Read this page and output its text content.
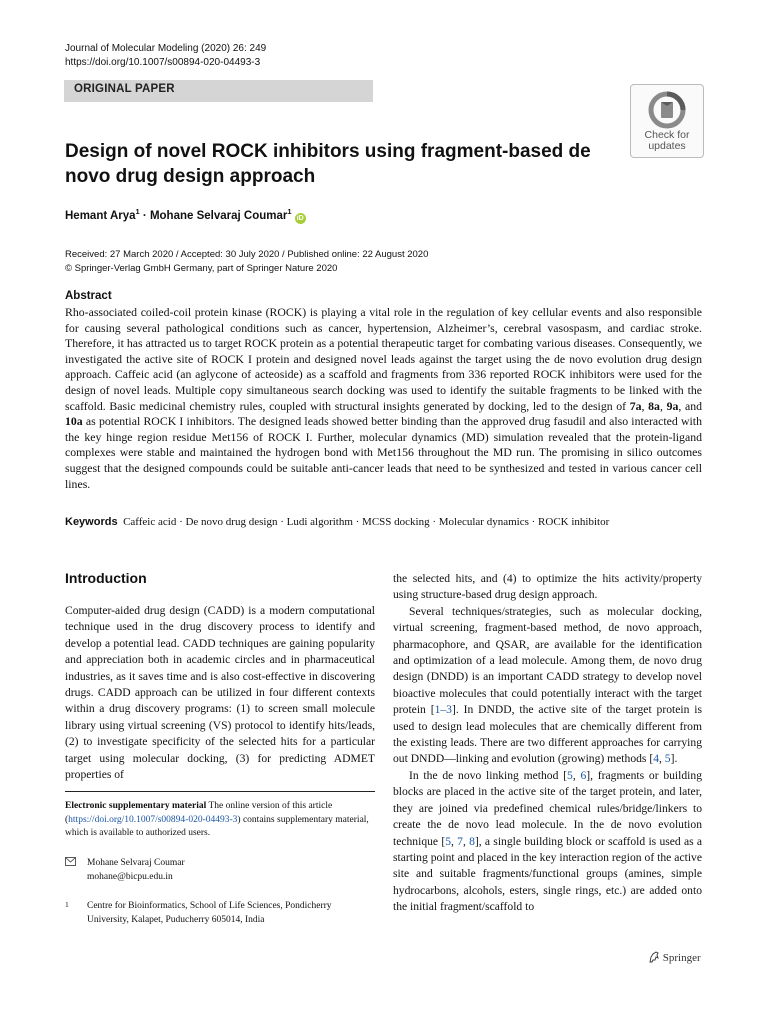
Journal of Molecular Modeling (2020) 26: 249
https://doi.org/10.1007/s00894-020-04493-3
ORIGINAL PAPER
Check for
updates
Design of novel ROCK inhibitors using fragment-based de novo drug design approach
Hemant Arya$^1$ · Mohane Selvaraj Coumar$^1$ iD
Received: 27 March 2020 / Accepted: 30 July 2020 / Published online: 22 August 2020
© Springer-Verlag GmbH Germany, part of Springer Nature 2020
Abstract

Rho-associated coiled-coil protein kinase (ROCK) is playing a vital role in the regulation of key cellular events and also responsible for causing several pathological conditions such as cancer, hypertension, Alzheimer’s, cerebral vasospasm, and cardiac stroke. Therefore, it has attracted us to target ROCK protein as a potential therapeutic target for combating various diseases. Consequently, we investigated the active site of ROCK I protein and designed novel leads against the target using the de novo evolution drug design approach. Caffeic acid (an aglycone of acteoside) as a scaffold and fragments from 336 reported ROCK inhibitors were used for the design of novel leads. Multiple copy simultaneous search docking was used to identify the suitable fragments to be linked with the scaffold. Basic medicinal chemistry rules, coupled with structural insights generated by docking, led to the design of 7a, 8a, 9a, and 10a as potential ROCK I inhibitors. The designed leads showed better binding than the approved drug fasudil and also interacted with the key hinge region residue Met156 of ROCK I. Further, molecular dynamics (MD) simulation revealed that the protein-ligand complexes were stable and maintained the hydrogen bond with Met156 throughout the MD run. The promising in silico outcomes suggest that the designed compounds could be suitable anti-cancer leads that need to be synthesized and tested in various cancer cell lines.

Keywords Caffeic acid · De novo drug design · Ludi algorithm · MCSS docking · Molecular dynamics · ROCK inhibitor
Introduction

Computer-aided drug design (CADD) is a modern computational technique used in the drug discovery process to identify and develop a potential lead. CADD techniques are gaining popularity and appreciation both in academic circles and in pharmaceutical industries, as it saves time and is also cost-effective in discovering drugs. CADD approach can be utilized in four different contexts within a drug discovery programs: (1) to screen small molecule library using virtual screening (VS) protocol to identify hits/leads, (2) to investigate specificity of the selected hits for a particular target using molecular docking, (3) for predicting ADMET properties of

Electronic supplementary material The online version of this article (https://doi.org/10.1007/s00894-020-04493-3) contains supplementary material, which is available to authorized users.

Mohane Selvaraj Coumar
mohane@bicpu.edu.in
1 Centre for Bioinformatics, School of Life Sciences, Pondicherry University, Kalapet, Puducherry 605014, India

the selected hits, and (4) to optimize the hits activity/property using structure-based drug design approach.

Several techniques/strategies, such as molecular docking, virtual screening, fragment-based method, de novo approach, pharmacophore, and QSAR, are available for the identification and optimization of a lead molecule. Among them, de novo drug design (DNDD) is an important CADD strategy to develop novel bioactive molecules that could potentially interact with the target protein [1–3]. In DNDD, the active site of the target protein is used to design lead molecules that are chemically different from the existing leads. There are two different approaches for carrying out DNDD—linking and evolution (growing) methods [4, 5].

In the de novo linking method [5, 6], fragments or building blocks are placed in the active site of the target protein, and later, they are joined via predefined chemical rules/bridge/linkers to create the de novo lead molecule. In the de novo evolution technique [5, 7, 8], a single building block or scaffold is used as a starting point and placed in the key interaction region of the active site and suitable fragments/functional groups (amines, simple hydrocarbons, alcohols, esters, single rings, etc.) are added onto the initial fragment/scaffold to

Springer
